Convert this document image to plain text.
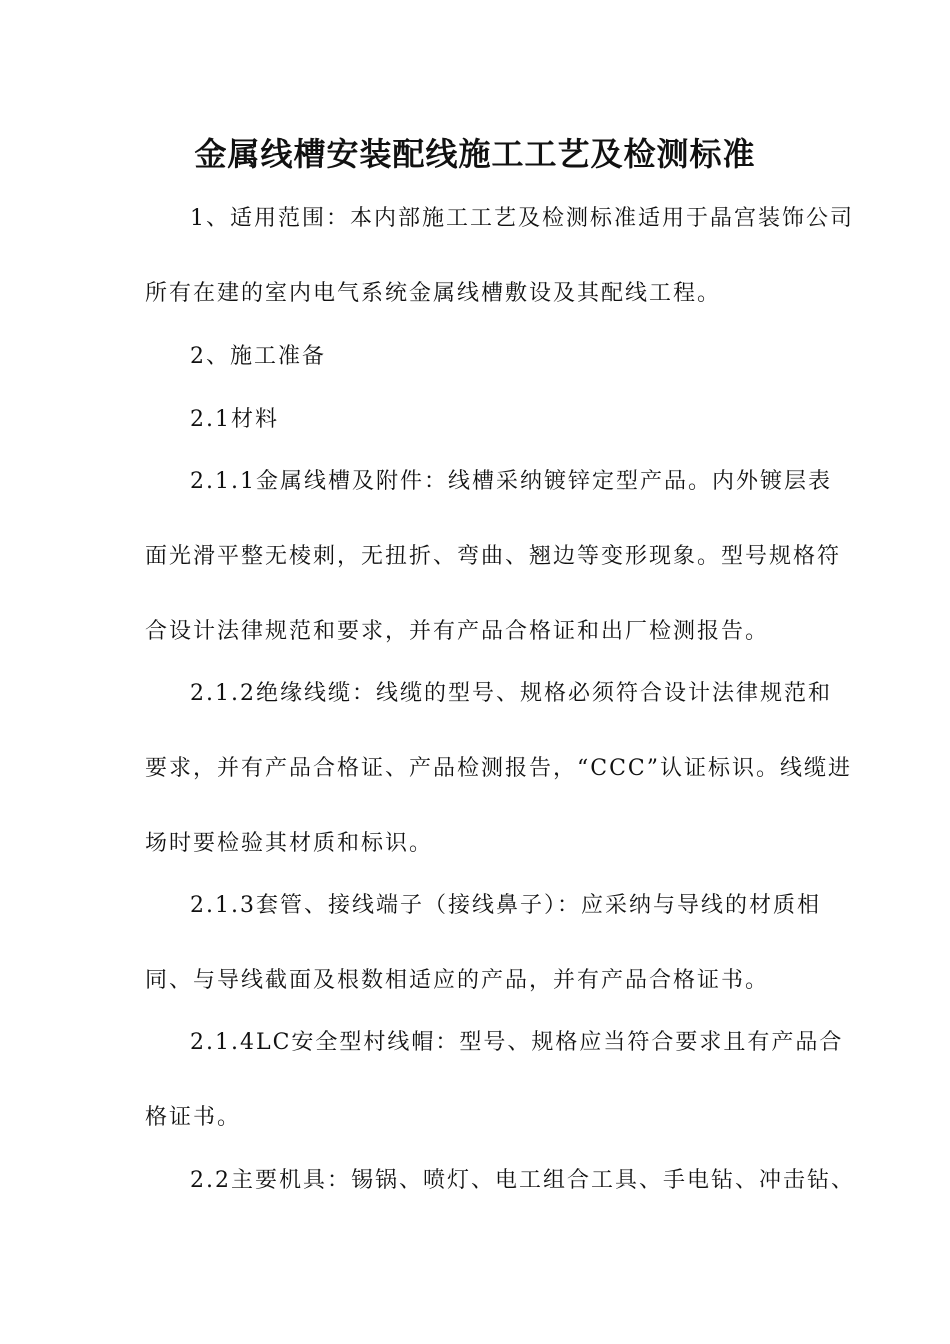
金属线槽安装配线施工工艺及检测标准
1、适用范围：本内部施工工艺及检测标准适用于晶宫装饰公司
所有在建的室内电气系统金属线槽敷设及其配线工程。
2、施工准备
2.1材料
2.1.1金属线槽及附件：线槽采纳镀锌定型产品。内外镀层表
面光滑平整无棱刺，无扭折、弯曲、翘边等变形现象。型号规格符
合设计法律规范和要求，并有产品合格证和出厂检测报告。
2.1.2绝缘线缆：线缆的型号、规格必须符合设计法律规范和
要求，并有产品合格证、产品检测报告，“CCC”认证标识。线缆进
场时要检验其材质和标识。
2.1.3套管、接线端子（接线鼻子）：应采纳与导线的材质相
同、与导线截面及根数相适应的产品，并有产品合格证书。
2.1.4LC安全型村线帽：型号、规格应当符合要求且有产品合
格证书。
2.2主要机具：锡锅、喷灯、电工组合工具、手电钻、冲击钻、
